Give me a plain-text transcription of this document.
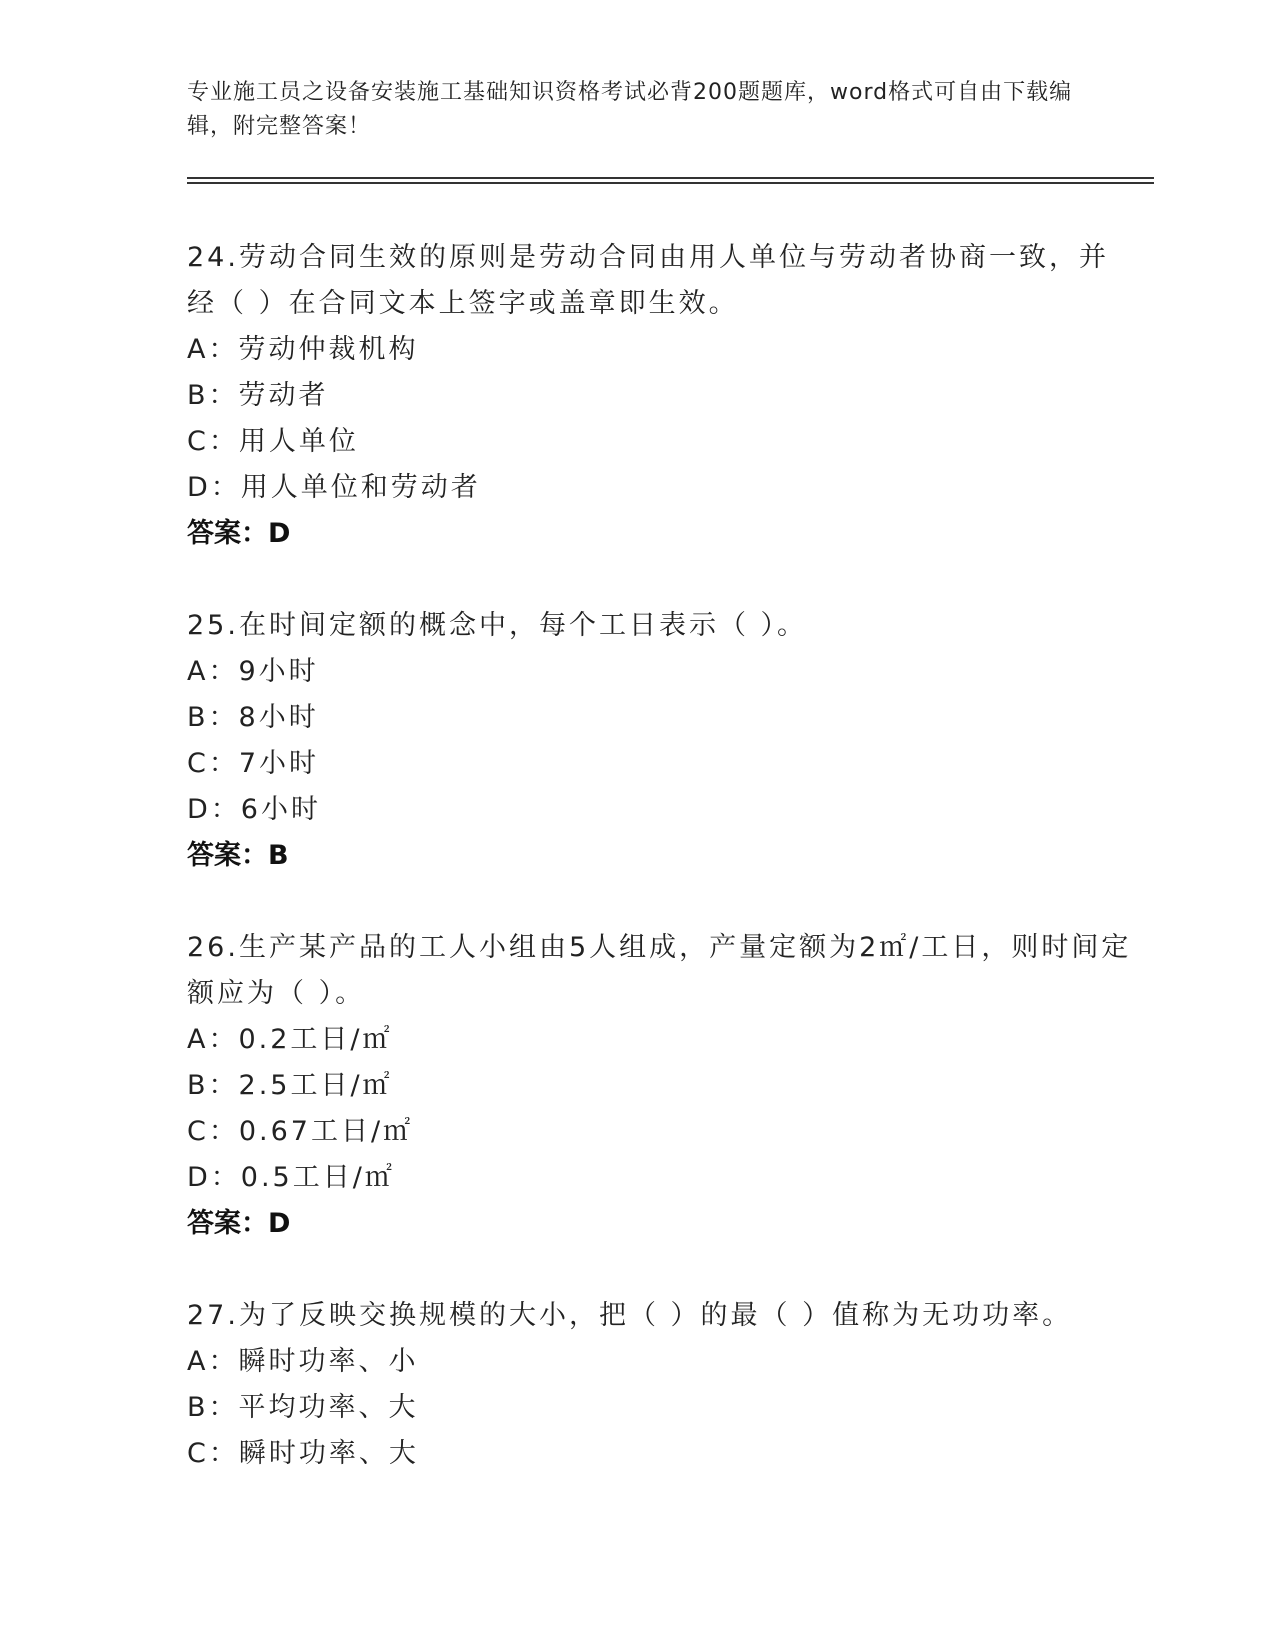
专业施工员之设备安装施工基础知识资格考试必背200题题库，word格式可自由下载编辑，附完整答案！

24.劳动合同生效的原则是劳动合同由用人单位与劳动者协商一致，并经（ ）在合同文本上签字或盖章即生效。

A：劳动仲裁机构

B：劳动者

C：用人单位

D：用人单位和劳动者

答案：D

25.在时间定额的概念中，每个工日表示（ ）。

A：9小时

B：8小时

C：7小时

D：6小时

答案：B

26.生产某产品的工人小组由5人组成，产量定额为2㎡/工日，则时间定额应为（ ）。

A：0.2工日/㎡

B：2.5工日/㎡

C：0.67工日/㎡

D：0.5工日/㎡

答案：D

27.为了反映交换规模的大小，把（ ）的最（ ）值称为无功功率。

A：瞬时功率、小

B：平均功率、大

C：瞬时功率、大
